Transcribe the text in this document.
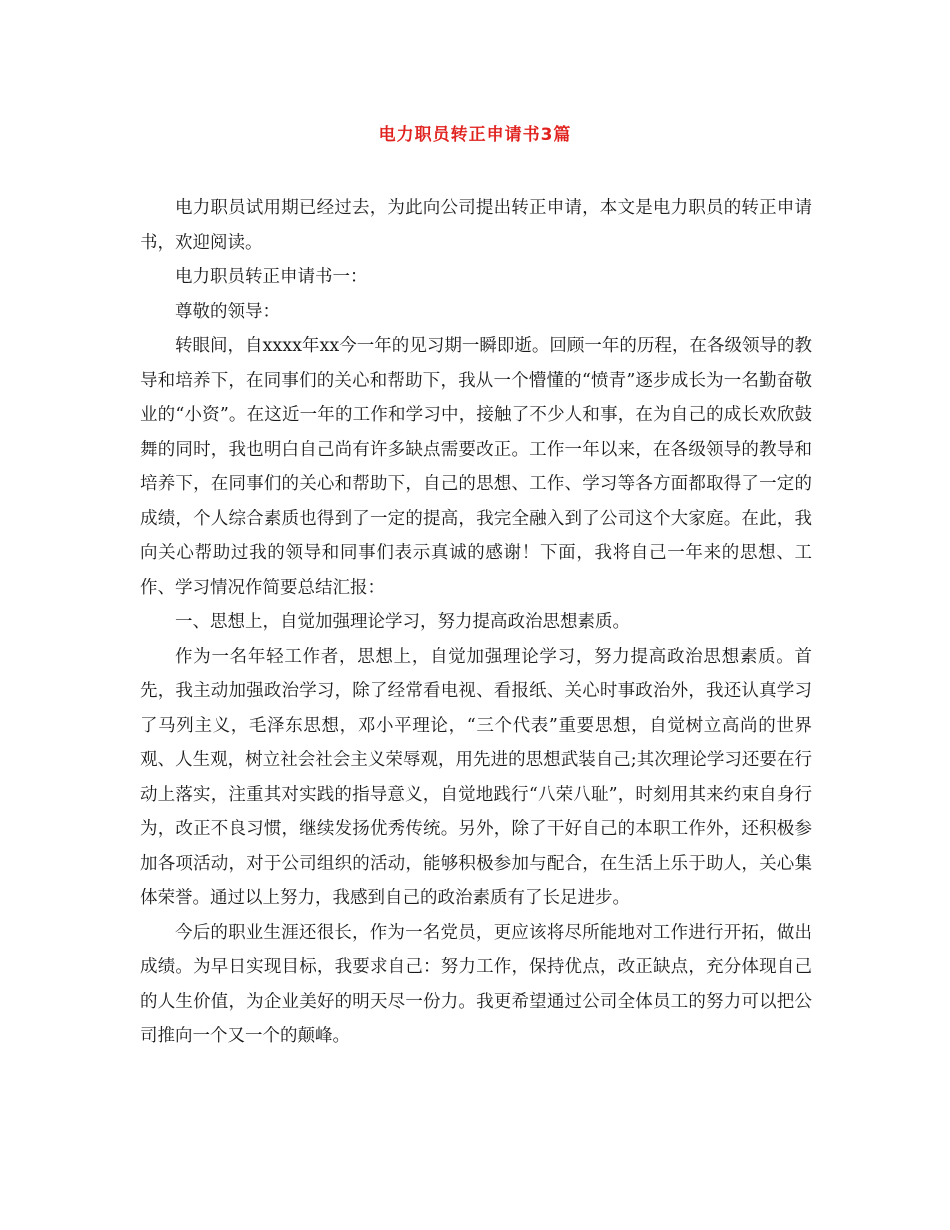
电力职员转正申请书3篇

电力职员试用期已经过去，为此向公司提出转正申请，本文是电力职员的转正申请书，欢迎阅读。

电力职员转正申请书一：

尊敬的领导：

转眼间，自xxxx年xx今一年的见习期一瞬即逝。回顾一年的历程，在各级领导的教导和培养下，在同事们的关心和帮助下，我从一个懵懂的“愤青”逐步成长为一名勤奋敬业的“小资”。在这近一年的工作和学习中，接触了不少人和事，在为自己的成长欢欣鼓舞的同时，我也明白自己尚有许多缺点需要改正。工作一年以来，在各级领导的教导和培养下，在同事们的关心和帮助下，自己的思想、工作、学习等各方面都取得了一定的成绩，个人综合素质也得到了一定的提高，我完全融入到了公司这个大家庭。在此，我向关心帮助过我的领导和同事们表示真诚的感谢！下面，我将自己一年来的思想、工作、学习情况作简要总结汇报：

一、思想上，自觉加强理论学习，努力提高政治思想素质。

作为一名年轻工作者，思想上，自觉加强理论学习，努力提高政治思想素质。首先，我主动加强政治学习，除了经常看电视、看报纸、关心时事政治外，我还认真学习了马列主义，毛泽东思想，邓小平理论，“三个代表”重要思想，自觉树立高尚的世界观、人生观，树立社会社会主义荣辱观，用先进的思想武装自己;其次理论学习还要在行动上落实，注重其对实践的指导意义，自觉地践行“八荣八耻”，时刻用其来约束自身行为，改正不良习惯，继续发扬优秀传统。另外，除了干好自己的本职工作外，还积极参加各项活动，对于公司组织的活动，能够积极参加与配合，在生活上乐于助人，关心集体荣誉。通过以上努力，我感到自己的政治素质有了长足进步。

今后的职业生涯还很长，作为一名党员，更应该将尽所能地对工作进行开拓，做出成绩。为早日实现目标，我要求自己：努力工作，保持优点，改正缺点，充分体现自己的人生价值，为企业美好的明天尽一份力。我更希望通过公司全体员工的努力可以把公司推向一个又一个的颠峰。
